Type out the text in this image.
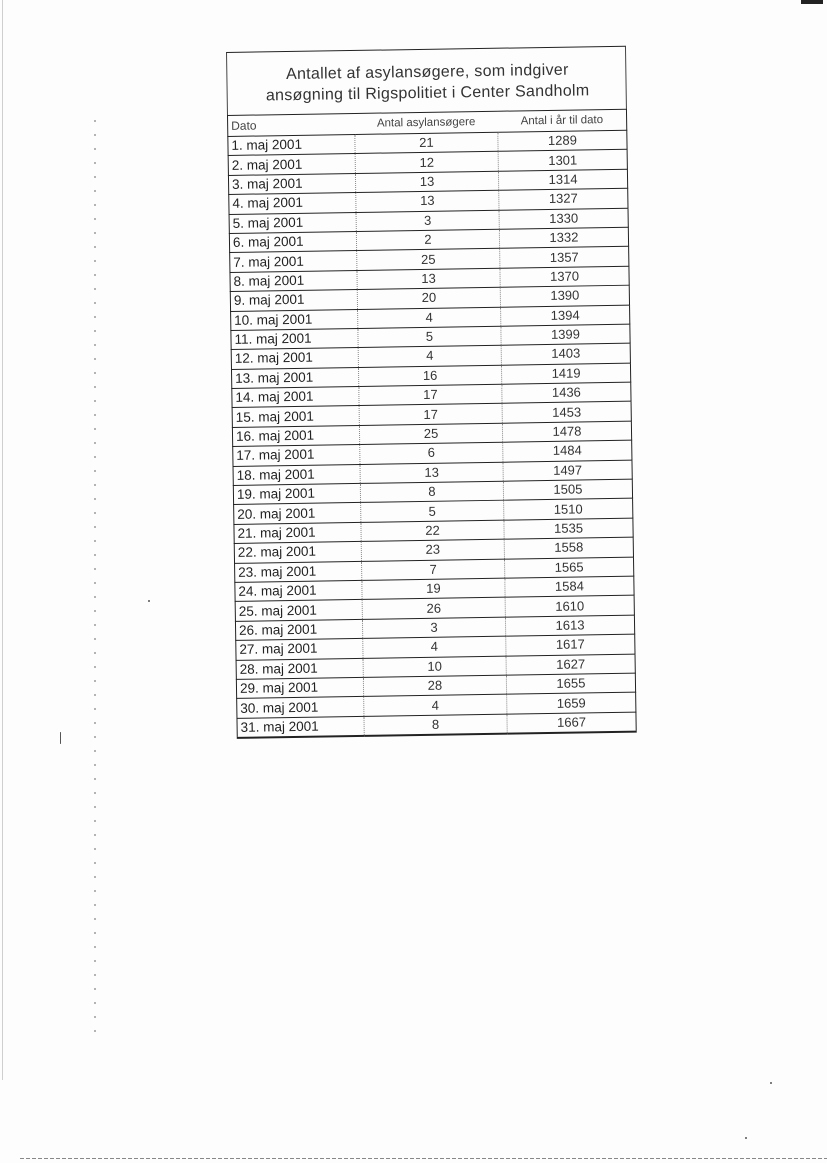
Antallet af asylansøgere, som indgiver
ansøgning til Rigspolitiet i Center Sandholm
Dato	Antal asylansøgere	Antal i år til dato
1. maj 2001	21	1289
2. maj 2001	12	1301
3. maj 2001	13	1314
4. maj 2001	13	1327
5. maj 2001	3	1330
6. maj 2001	2	1332
7. maj 2001	25	1357
8. maj 2001	13	1370
9. maj 2001	20	1390
10. maj 2001	4	1394
11. maj 2001	5	1399
12. maj 2001	4	1403
13. maj 2001	16	1419
14. maj 2001	17	1436
15. maj 2001	17	1453
16. maj 2001	25	1478
17. maj 2001	6	1484
18. maj 2001	13	1497
19. maj 2001	8	1505
20. maj 2001	5	1510
21. maj 2001	22	1535
22. maj 2001	23	1558
23. maj 2001	7	1565
24. maj 2001	19	1584
25. maj 2001	26	1610
26. maj 2001	3	1613
27. maj 2001	4	1617
28. maj 2001	10	1627
29. maj 2001	28	1655
30. maj 2001	4	1659
31. maj 2001	8	1667
